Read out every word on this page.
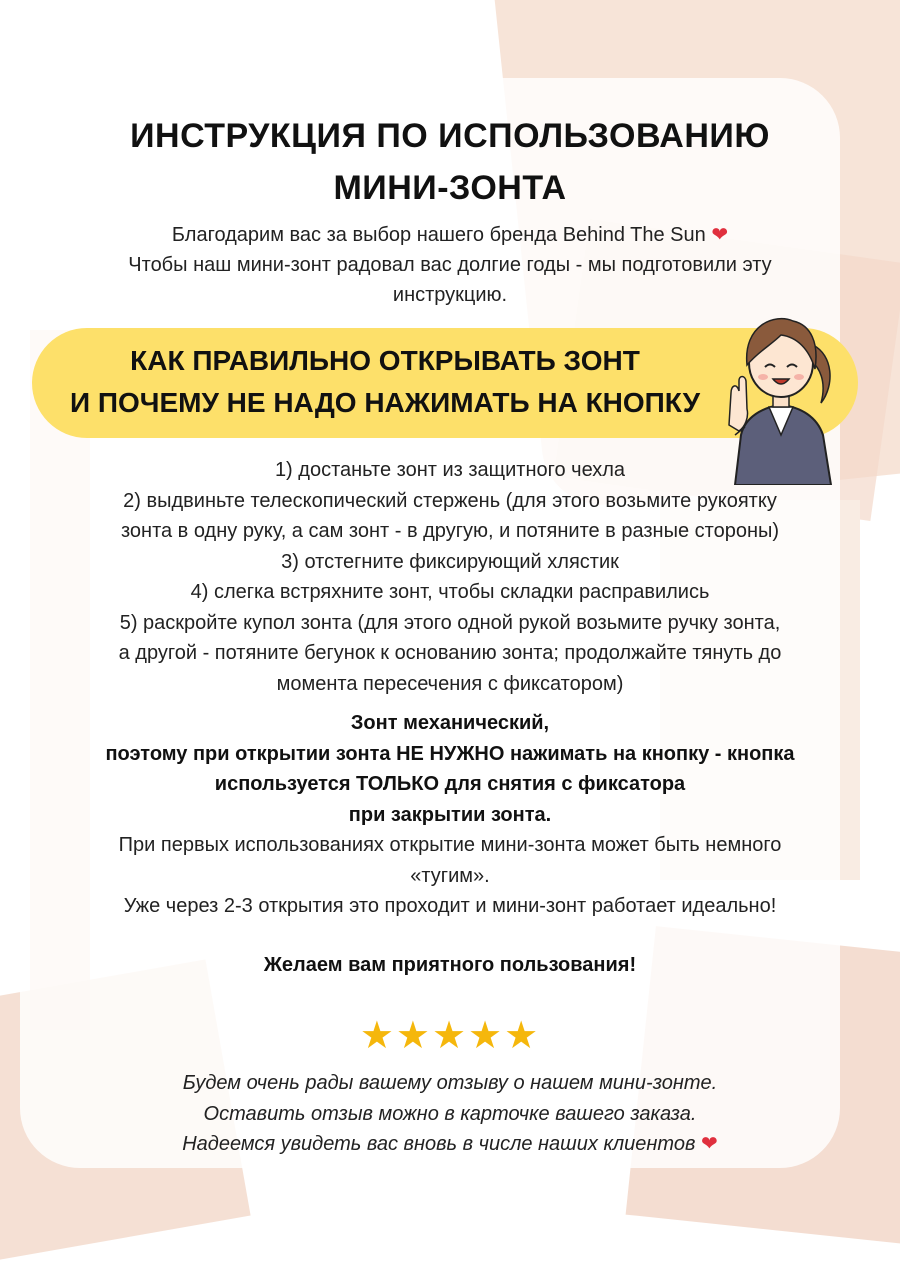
ИНСТРУКЦИЯ ПО ИСПОЛЬЗОВАНИЮ
МИНИ-ЗОНТА
Благодарим вас за выбор нашего бренда Behind The Sun ❤
Чтобы наш мини-зонт радовал вас долгие годы - мы подготовили эту
инструкцию.
КАК ПРАВИЛЬНО ОТКРЫВАТЬ ЗОНТ
И ПОЧЕМУ НЕ НАДО НАЖИМАТЬ НА КНОПКУ
1) достаньте зонт из защитного чехла
2) выдвиньте телескопический стержень (для этого возьмите рукоятку
зонта в одну руку, а сам зонт - в другую, и потяните в разные стороны)
3) отстегните фиксирующий хлястик
4) слегка встряхните зонт, чтобы складки расправились
5) раскройте купол зонта (для этого одной рукой возьмите ручку зонта,
а другой - потяните бегунок к основанию зонта; продолжайте тянуть до
момента пересечения с фиксатором)
Зонт механический,
поэтому при открытии зонта НЕ НУЖНО нажимать на кнопку - кнопка
используется ТОЛЬКО для снятия с фиксатора
при закрытии зонта.
При первых использованиях открытие мини-зонта может быть немного
«тугим».
Уже через 2-3 открытия это проходит и мини-зонт работает идеально!
Желаем вам приятного пользования!
★★★★★
Будем очень рады вашему отзыву о нашем мини-зонте.
Оставить отзыв можно в карточке вашего заказа.
Надеемся увидеть вас вновь в числе наших клиентов ❤
